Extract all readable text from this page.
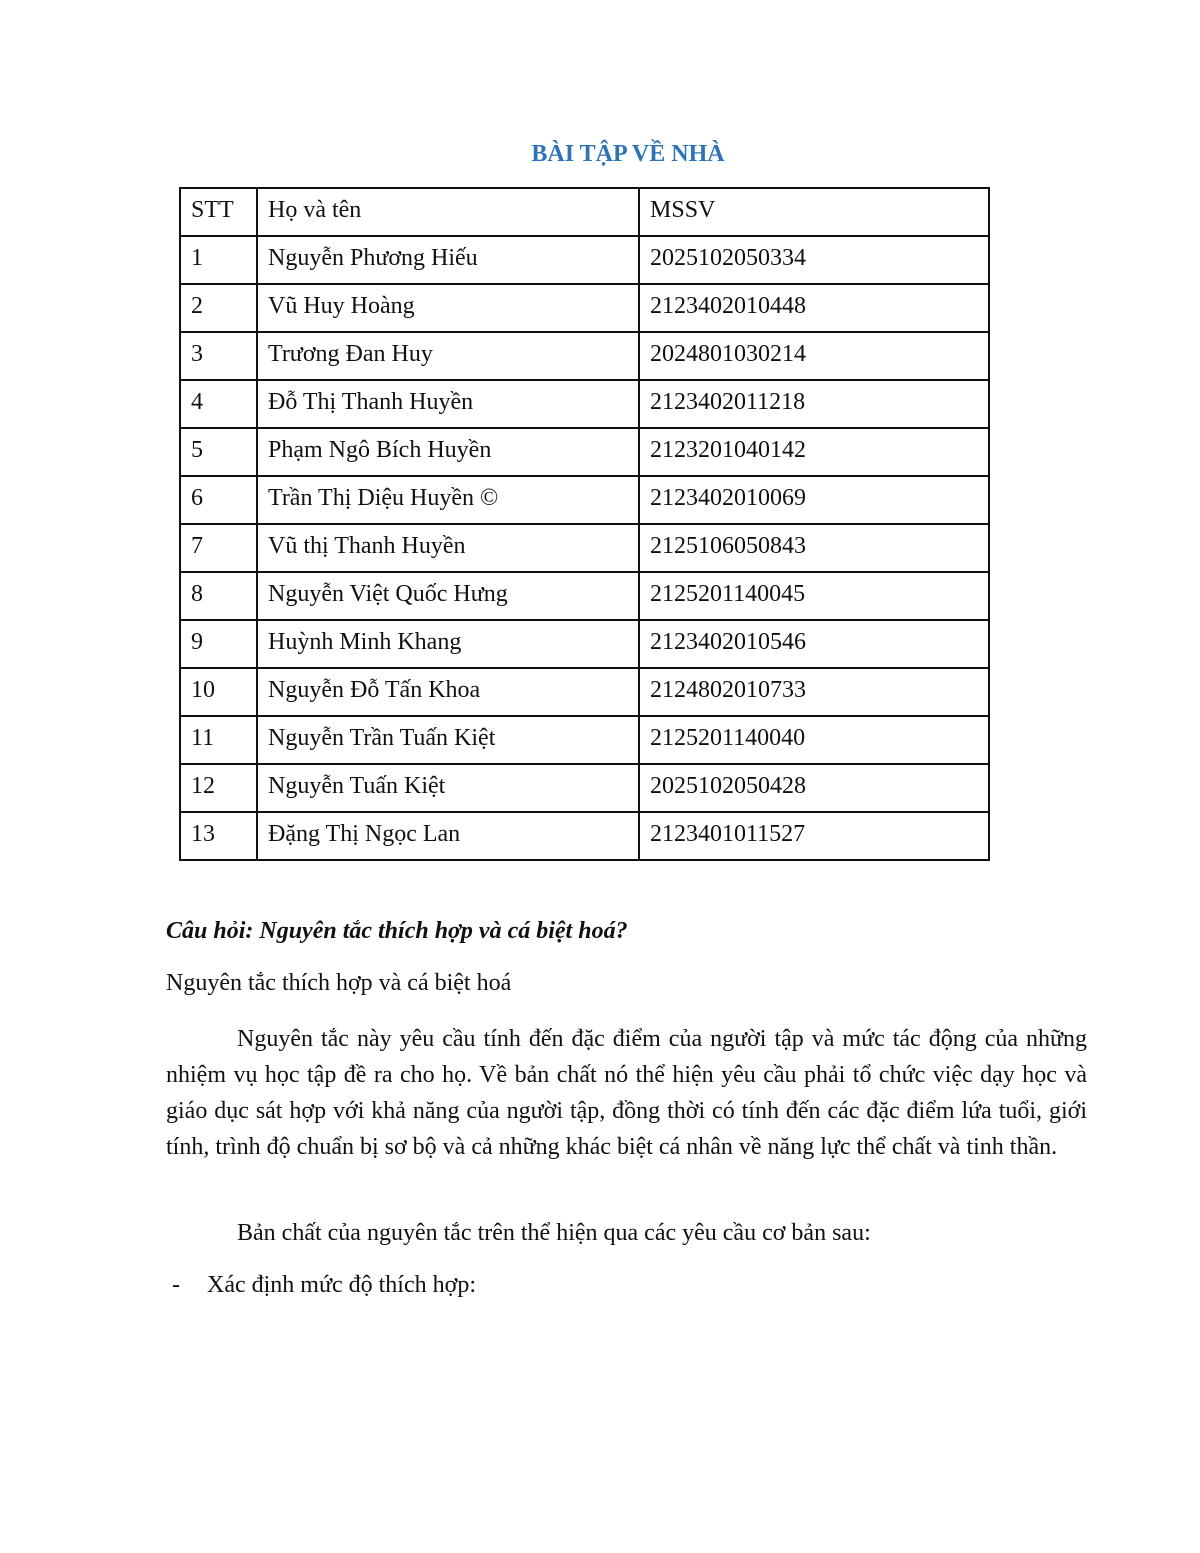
BÀI TẬP VỀ NHÀ
STT	Họ và tên	MSSV
1	Nguyễn Phương Hiếu	2025102050334
2	Vũ Huy Hoàng	2123402010448
3	Trương Đan Huy	2024801030214
4	Đỗ Thị Thanh Huyền	2123402011218
5	Phạm Ngô Bích Huyền	2123201040142
6	Trần Thị Diệu Huyền ©	2123402010069
7	Vũ thị Thanh Huyền	2125106050843
8	Nguyễn Việt Quốc Hưng	2125201140045
9	Huỳnh Minh Khang	2123402010546
10	Nguyễn Đỗ Tấn Khoa	2124802010733
11	Nguyễn Trần Tuấn Kiệt	2125201140040
12	Nguyễn Tuấn Kiệt	2025102050428
13	Đặng Thị Ngọc Lan	2123401011527
Câu hỏi: Nguyên tắc thích hợp và cá biệt hoá?
Nguyên tắc thích hợp và cá biệt hoá

Nguyên tắc này yêu cầu tính đến đặc điểm của người tập và mức tác động của những nhiệm vụ học tập đề ra cho họ. Về bản chất nó thể hiện yêu cầu phải tổ chức việc dạy học và giáo dục sát hợp với khả năng của người tập, đồng thời có tính đến các đặc điểm lứa tuổi, giới tính, trình độ chuẩn bị sơ bộ và cả những khác biệt cá nhân về năng lực thể chất và tinh thần.

Bản chất của nguyên tắc trên thể hiện qua các yêu cầu cơ bản sau:
- Xác định mức độ thích hợp:
